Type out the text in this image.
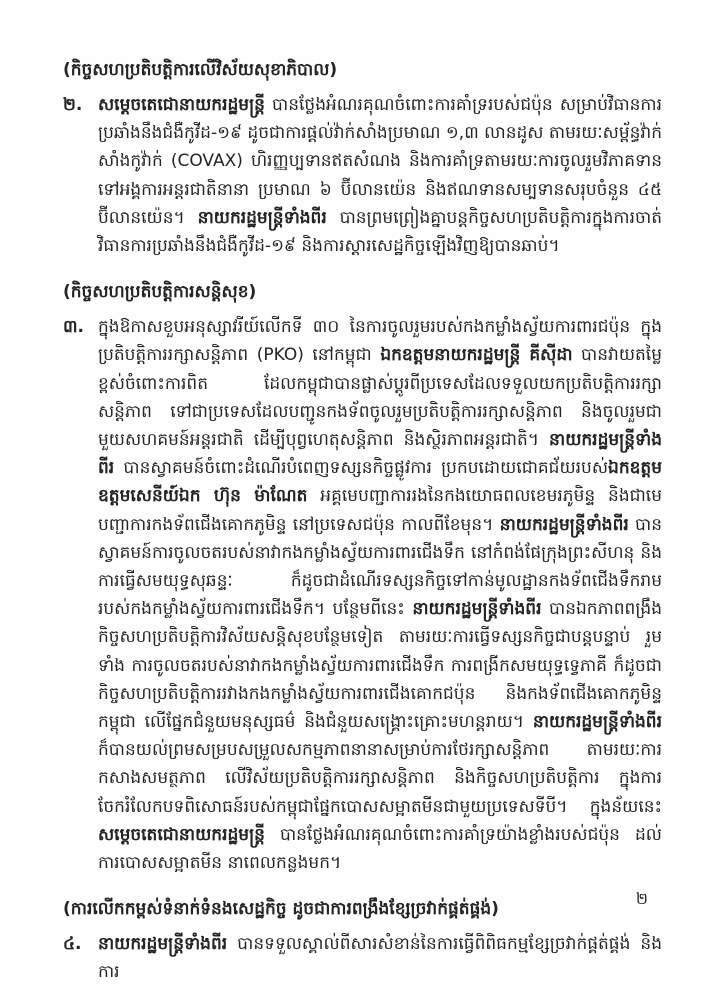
(កិច្ចសហប្រតិបត្តិការលើវិស័យសុខាភិបាល)
២. សម្តេចតេជោនាយករដ្ឋមន្ត្រី បានថ្លែងអំណរគុណចំពោះការគាំទ្ររបស់ជប៉ុន សម្រាប់វិធានការប្រឆាំងនឹងជំងឺកូវីដ-១៩ ដូចជាការផ្តល់វ៉ាក់សាំងប្រមាណ ១,៣ លានដូស តាមរយៈសម្ព័ន្ធវ៉ាក់សាំងកូវ៉ាក់ (COVAX) ហិរញ្ញប្បទានឥតសំណង និងការគាំទ្រតាមរយៈការចូលរួមវិភាគទានទៅអង្គការអន្តរជាតិនានា ប្រមាណ ៦ ប៊ីលានយ៉េន និងឥណទានសម្បទានសរុបចំនួន ៤៥ ប៊ីលានយ៉េន។ នាយករដ្ឋមន្ត្រីទាំងពីរ បានព្រមព្រៀងគ្នាបន្តកិច្ចសហប្រតិបត្តិការក្នុងការចាត់វិធានការប្រឆាំងនឹងជំងឺកូវីដ-១៩ និងការស្តារសេដ្ឋកិច្ចឡើងវិញឱ្យបានឆាប់។

(កិច្ចសហប្រតិបត្តិការសន្តិសុខ)
៣. ក្នុងឱកាសខួបអនុស្សាវរីយ៍លើកទី ៣០ នៃការចូលរួមរបស់កងកម្លាំងស្វ័យការពារជប៉ុន ក្នុងប្រតិបត្តិការរក្សាសន្តិភាព (PKO) នៅកម្ពុជា ឯកឧត្តមនាយករដ្ឋមន្ត្រី គីស៊ីដា បានវាយតម្លៃខ្ពស់ចំពោះការពិត ដែលកម្ពុជាបានផ្លាស់ប្តូរពីប្រទេសដែលទទួលយកប្រតិបត្តិការរក្សាសន្តិភាព ទៅជាប្រទេសដែលបញ្ជូនកងទ័ពចូលរួមប្រតិបត្តិការរក្សាសន្តិភាព និងចូលរួមជាមួយសហគមន៍អន្តរជាតិ ដើម្បីបុព្វហេតុសន្តិភាព និងស្ថិរភាពអន្តរជាតិ។ នាយករដ្ឋមន្ត្រីទាំងពីរ បានស្វាគមន៍ចំពោះដំណើរបំពេញទស្សនកិច្ចផ្លូវការ ប្រកបដោយជោគជ័យរបស់ឯកឧត្តមឧត្តមសេនីយ៍ឯក ហ៊ុន ម៉ាណែត អគ្គមេបញ្ជាការរងនៃកងយោធពលខេមរភូមិន្ទ និងជាមេបញ្ជាការកងទ័ពជើងគោកភូមិន្ទ នៅប្រទេសជប៉ុន កាលពីខែមុន។ នាយករដ្ឋមន្ត្រីទាំងពីរ បានស្វាគមន៍ការចូលចតរបស់នាវាកងកម្លាំងស្វ័យការពារជើងទឹក នៅកំពង់ផែក្រុងព្រះសីហនុ និងការធ្វើសមយុទ្ធសុឆន្ទៈ ក៏ដូចជាដំណើរទស្សនកិច្ចទៅកាន់មូលដ្ឋានកងទ័ពជើងទឹករាមរបស់កងកម្លាំងស្វ័យការពារជើងទឹក។ បន្ថែមពីនេះ នាយករដ្ឋមន្ត្រីទាំងពីរ បានឯកភាពពង្រឹងកិច្ចសហប្រតិបត្តិការវិស័យសន្តិសុខបន្ថែមទៀត តាមរយៈការធ្វើទស្សនកិច្ចជាបន្តបន្ទាប់ រួមទាំង ការចូលចតរបស់នាវាកងកម្លាំងស្វ័យការពារជើងទឹក ការពង្រីកសមយុទ្ធទ្វេភាគី ក៏ដូចជាកិច្ចសហប្រតិបត្តិការរវាងកងកម្លាំងស្វ័យការពារជើងគោកជប៉ុន និងកងទ័ពជើងគោកភូមិន្ទកម្ពុជា លើផ្នែកជំនួយមនុស្សធម៌ និងជំនួយសង្គ្រោះគ្រោះមហន្តរាយ។ នាយករដ្ឋមន្ត្រីទាំងពីរ ក៏បានយល់ព្រមសម្របសម្រួលសកម្មភាពនានាសម្រាប់ការថែរក្សាសន្តិភាព តាមរយៈការកសាងសមត្ថភាព លើវិស័យប្រតិបត្តិការរក្សាសន្តិភាព និងកិច្ចសហប្រតិបត្តិការ ក្នុងការចែករំលែកបទពិសោធន៍របស់កម្ពុជាផ្នែកបោសសម្អាតមីនជាមួយប្រទេសទីបី។ ក្នុងន័យនេះ សម្តេចតេជោនាយករដ្ឋមន្ត្រី បានថ្លែងអំណរគុណចំពោះការគាំទ្រយ៉ាងខ្លាំងរបស់ជប៉ុន ដល់ការបោសសម្អាតមីន នាពេលកន្លងមក។

(ការលើកកម្ពស់ទំនាក់ទំនងសេដ្ឋកិច្ច ដូចជាការពង្រឹងខ្សែច្រវាក់ផ្គត់ផ្គង់)
៤. នាយករដ្ឋមន្ត្រីទាំងពីរ បានទទួលស្គាល់ពីសារសំខាន់នៃការធ្វើពិពិធកម្មខ្សែច្រវាក់ផ្គត់ផ្គង់ និងការ

២
